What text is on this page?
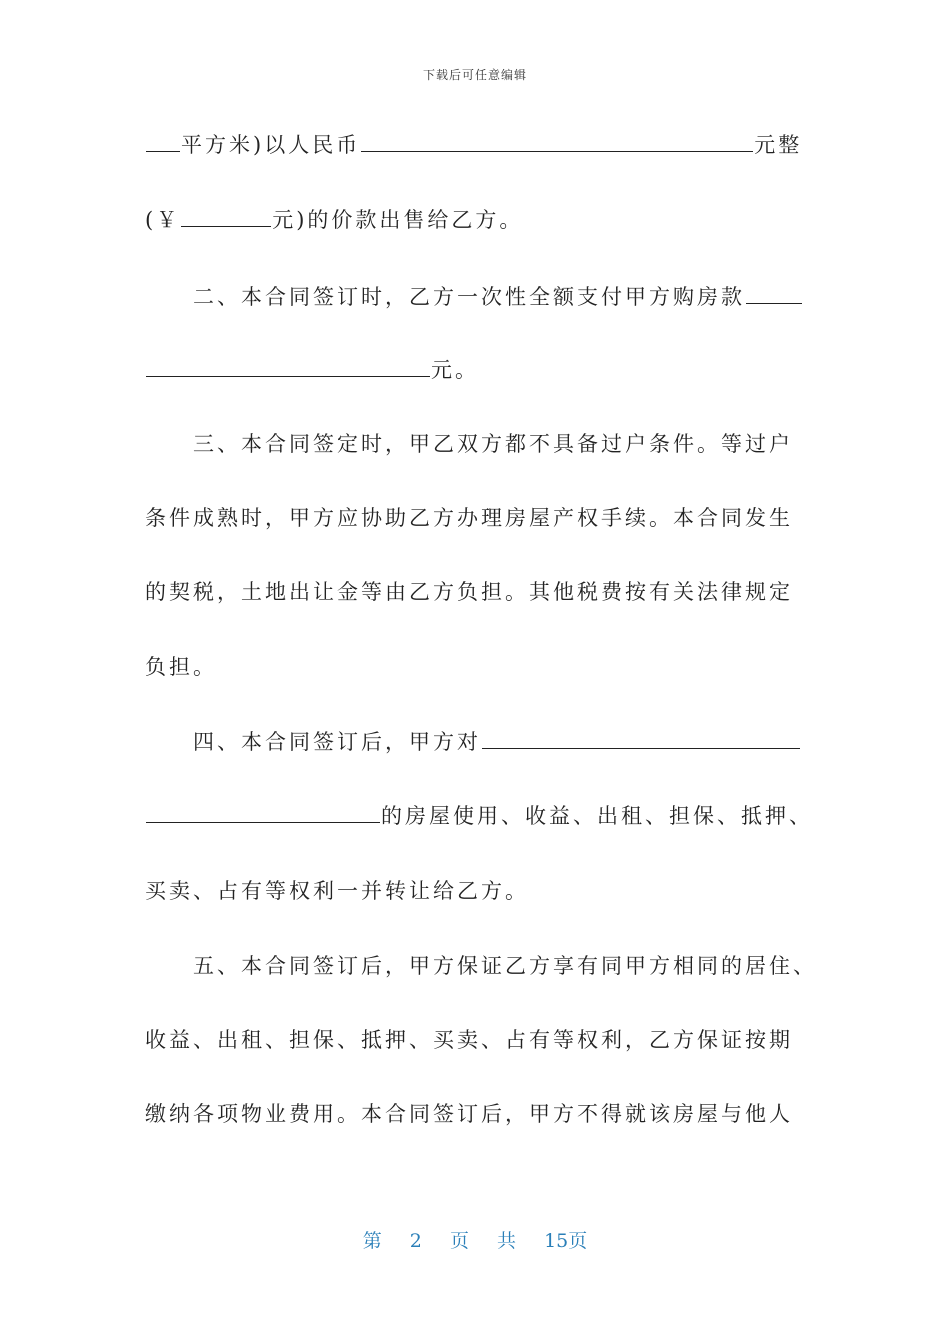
下载后可任意编辑
平方米)以人民币	元整
(￥	元)的价款出售给乙方。
二、本合同签订时，乙方一次性全额支付甲方购房款
元。
三、本合同签定时，甲乙双方都不具备过户条件。等过户
条件成熟时，甲方应协助乙方办理房屋产权手续。本合同发生
的契税，土地出让金等由乙方负担。其他税费按有关法律规定
负担。
四、本合同签订后，甲方对
的房屋使用、收益、出租、担保、抵押、
买卖、占有等权利一并转让给乙方。
五、本合同签订后，甲方保证乙方享有同甲方相同的居住、
收益、出租、担保、抵押、买卖、占有等权利，乙方保证按期
缴纳各项物业费用。本合同签订后，甲方不得就该房屋与他人
第 2 页 共 15页
